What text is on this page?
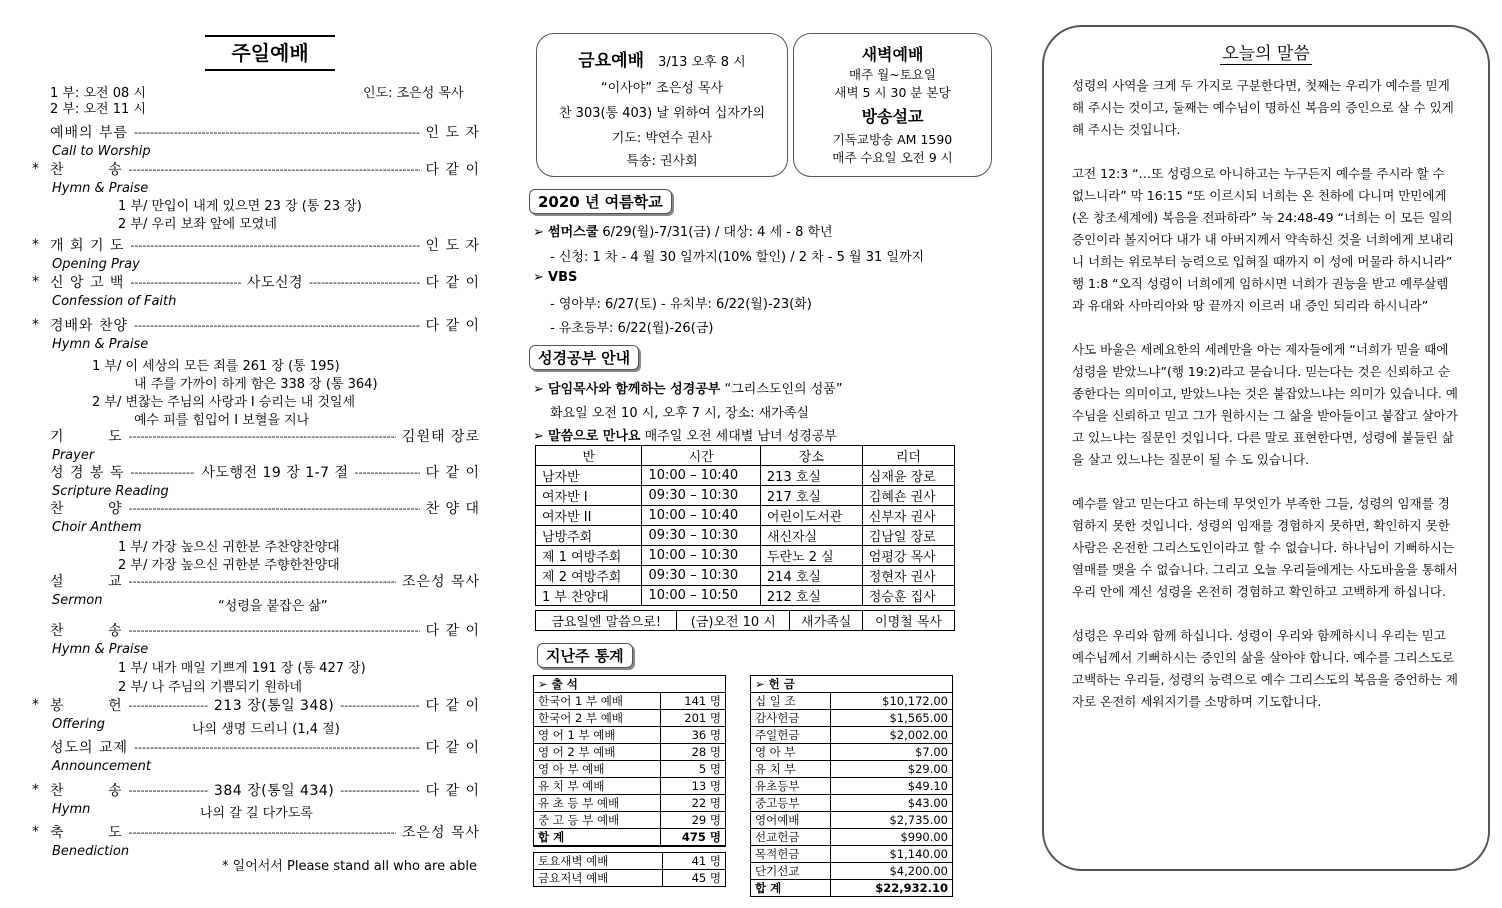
주일예배
1 부: 오전 08 시
2 부: 오전 11 시
인도: 조은성 목사
예배의 부름 -----	인 도 자
Call to Worship
* 찬        송 -----	다 같 이
Hymn & Praise
* 개 회 기 도 -----	인 도 자
Opening Pray
* 신 앙 고 백 -----	사도신경 -----	다 같 이
Confession of Faith
* 경배와 찬양 -----	다 같 이
Hymn & Praise
기        도 -----	김원태 장로
Prayer
성 경 봉 독 -----	사도행전 19 장 1-7 절 -----	다 같 이
Scripture Reading
찬        양 -----	찬 양 대
Choir Anthem
설        교 -----	조은성 목사
Sermon
찬        송 -----	다 같 이
Hymn & Praise
* 봉        헌 -----	213 장(통일 348) -----	다 같 이
Offering
성도의 교제 -----	다 같 이
Announcement
* 찬        송 -----	384 장(통일 434) -----	다 같 이
Hymn
* 축        도 -----	조은성 목사
Benediction
1 부/ 만입이 내게 있으면 23 장 (통 23 장)
2 부/ 우리 보좌 앞에 모였네
1 부/ 이 세상의 모든 죄를 261 장 (통 195)
내 주를 가까이 하게 함은 338 장 (통 364)
2 부/ 변찮는 주님의 사랑과 I 승리는 내 것일세
예수 피를 힘입어 I 보혈을 지나
1 부/ 가장 높으신 귀한분 주찬양찬양대
2 부/ 가장 높으신 귀한분 주향한찬양대
“성령을 붙잡은 삶”
1 부/ 내가 매일 기쁘게 191 장 (통 427 장)
2 부/ 나 주님의 기쁨되기 원하네
나의 생명 드리니 (1,4 절)
나의 갈 길 다가도록
* 일어서서 Please stand all who are able
금요예배 3/13 오후 8 시
“이사야” 조은성 목사
찬 303(통 403) 날 위하여 십자가의
기도: 박연수 권사
특송: 권사회
새벽예배
매주 월~토요일
새벽 5 시 30 분 본당
방송설교
기독교방송 AM 1590
매주 수요일 오전 9 시
2020 년 여름학교
➢ 썸머스쿨 6/29(월)-7/31(금) / 대상: 4 세 - 8 학년
- 신청: 1 차 - 4 월 30 일까지(10% 할인) / 2 차 - 5 월 31 일까지
➢ VBS
- 영아부: 6/27(토) - 유치부: 6/22(월)-23(화)
- 유초등부: 6/22(월)-26(금)
성경공부 안내
➢ 담임목사와 함께하는 성경공부 “그리스도인의 성품”
화요일 오전 10 시, 오후 7 시, 장소: 새가족실
➢ 말씀으로 만나요 매주일 오전 세대별 남녀 성경공부
반	시간	장소	리더
남자반	10:00 – 10:40	213 호실	심재윤 장로
여자반 I	09:30 – 10:30	217 호실	김혜숀 권사
여자반 II	10:00 – 10:40	어린이도서관	신부자 권사
남방주회	09:30 – 10:30	새신자실	김남일 장로
제 1 여방주회	10:00 – 10:30	두란노 2 실	엄평강 목사
제 2 여방주회	09:30 – 10:30	214 호실	정현자 권사
1 부 찬양대	10:00 – 10:50	212 호실	정승훈 집사
금요일엔 말씀으로!	(금)오전 10 시	새가족실	이명철 목사
지난주 통계
➢ 출 석	
한국어 1 부 예배	141 명
한국어 2 부 예배	201 명
영 어 1 부 예배	36 명
영 어 2 부 예배	28 명
영 아 부 예배	5 명
유 치 부 예배	13 명
유 초 등 부 예배	22 명
중 고 등 부 예배	29 명
합 계	475 명
토요새벽 예배	41 명
금요저녁 예배	45 명
➢ 헌 금	
십 일 조	$10,172.00
감사헌금	$1,565.00
주일헌금	$2,002.00
영 아 부	$7.00
유 치 부	$29.00
유초등부	$49.10
중고등부	$43.00
영어예배	$2,735.00
선교헌금	$990.00
목적헌금	$1,140.00
단기선교	$4,200.00
합 계	$22,932.10
오늘의 말씀
성령의 사역을 크게 두 가지로 구분한다면, 첫째는 우리가 예수를 믿게 해 주시는 것이고, 둘째는 예수님이 명하신 복음의 증인으로 살 수 있게 해 주시는 것입니다.
고전 12:3 “…또 성령으로 아니하고는 누구든지 예수를 주시라 할 수 없느니라” 막 16:15 “또 이르시되 너희는 온 천하에 다니며 만민에게(온 창조세계에) 복음을 전파하라” 눅 24:48-49 “너희는 이 모든 일의 증인이라 볼지어다 내가 내 아버지께서 약속하신 것을 너희에게 보내리니 너희는 위로부터 능력으로 입혀질 때까지 이 성에 머물라 하시니라” 행 1:8 “오직 성령이 너희에게 임하시면 너희가 권능을 받고 예루살렘과 유대와 사마리아와 땅 끝까지 이르러 내 증인 되리라 하시니라”
사도 바울은 세례요한의 세례만을 아는 제자들에게 “너희가 믿을 때에 성령을 받았느냐”(행 19:2)라고 묻습니다. 믿는다는 것은 신뢰하고 순종한다는 의미이고, 받았느냐는 것은 붙잡았느냐는 의미가 있습니다. 예수님을 신뢰하고 믿고 그가 원하시는 그 삶을 받아들이고 붙잡고 살아가고 있느냐는 질문인 것입니다. 다른 말로 표현한다면, 성령에 붙들린 삶을 살고 있느냐는 질문이 될 수 도 있습니다.
예수를 알고 믿는다고 하는데 무엇인가 부족한 그들, 성령의 임재를 경험하지 못한 것입니다. 성령의 임재를 경험하지 못하면, 확인하지 못한 사람은 온전한 그리스도인이라고 할 수 없습니다. 하나님이 기뻐하시는 열매를 맺을 수 없습니다. 그리고 오늘 우리들에게는 사도바울을 통해서 우리 안에 계신 성령을 온전히 경험하고 확인하고 고백하게 하십니다.
성령은 우리와 함께 하십니다. 성령이 우리와 함께하시니 우리는 믿고 예수님께서 기뻐하시는 증인의 삶을 살아야 합니다. 예수를 그리스도로 고백하는 우리들, 성령의 능력으로 예수 그리스도의 복음을 증언하는 제자로 온전히 세워지기를 소망하며 기도합니다.
